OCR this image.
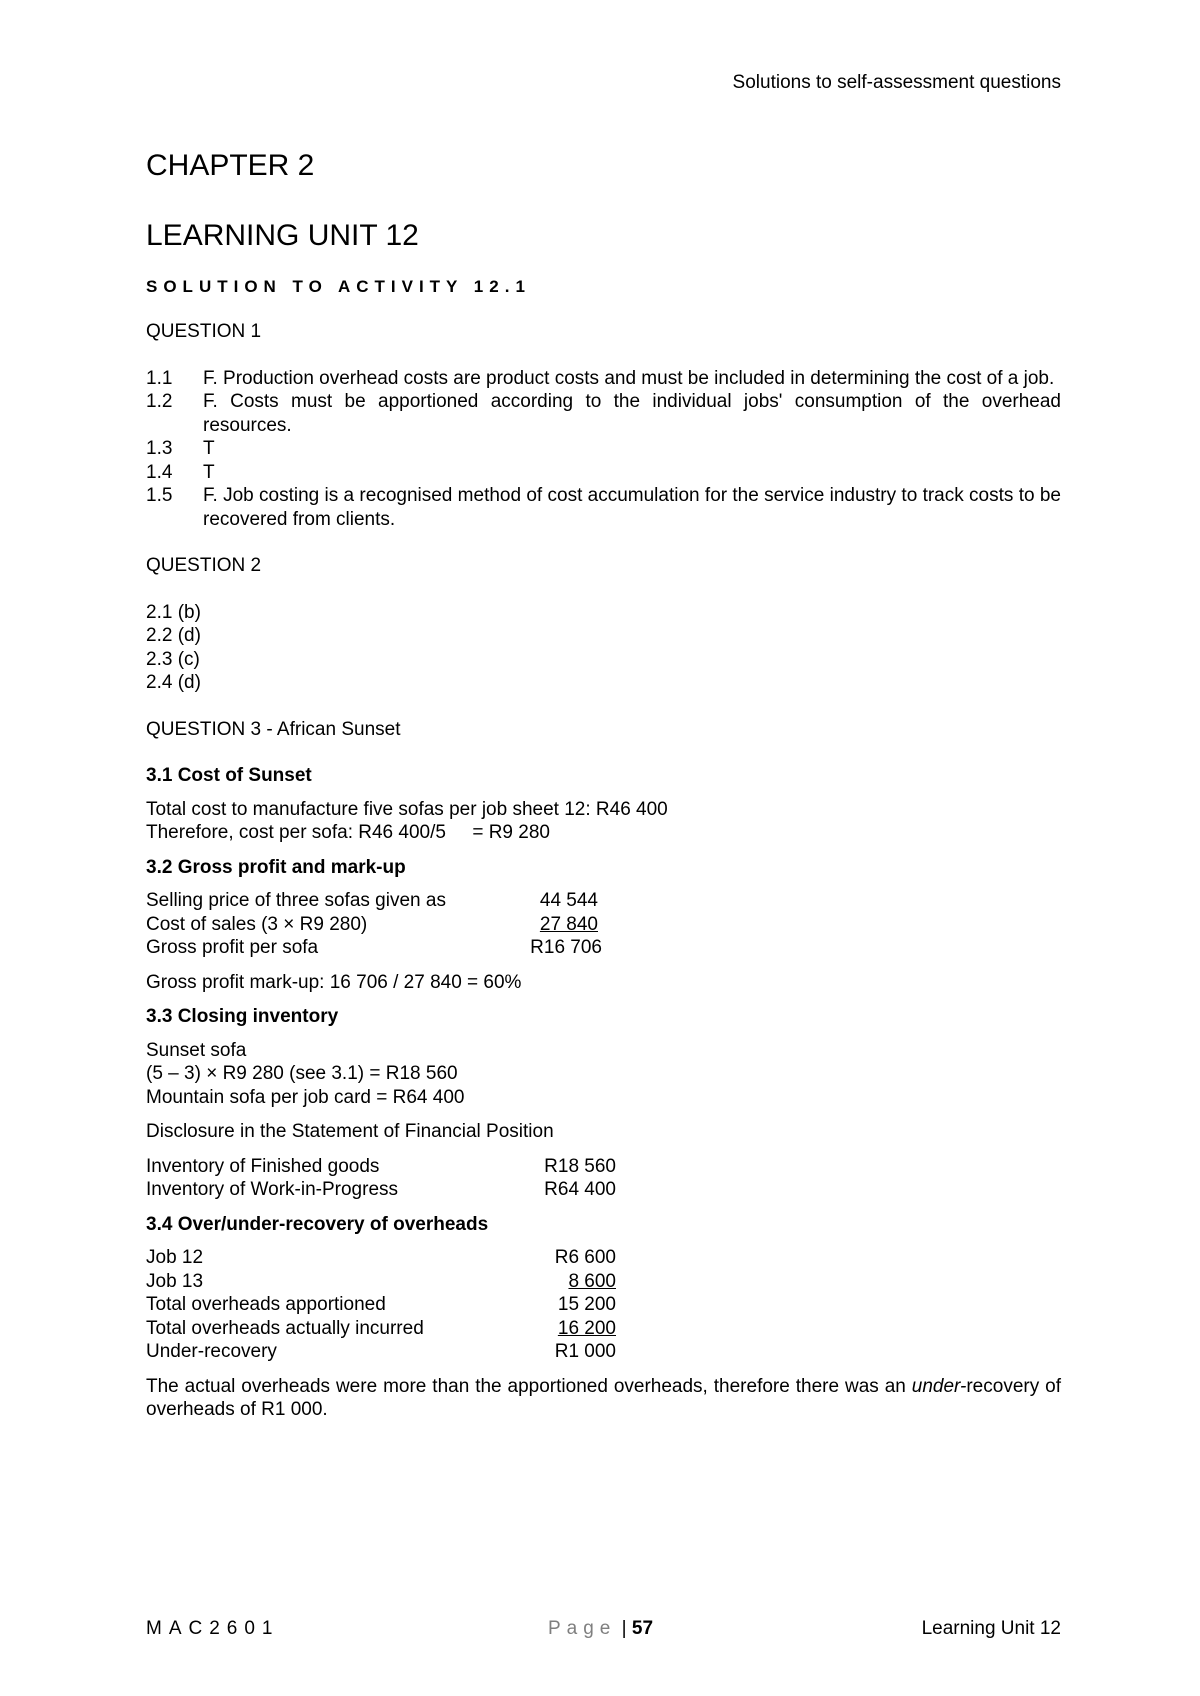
Solutions to self-assessment questions
CHAPTER 2
LEARNING UNIT 12
SOLUTION TO ACTIVITY 12.1
QUESTION 1
1.1	F. Production overhead costs are product costs and must be included in determining the cost of a job.
1.2	F. Costs must be apportioned according to the individual jobs' consumption of the overhead resources.
1.3	T
1.4	T
1.5	F. Job costing is a recognised method of cost accumulation for the service industry to track costs to be recovered from clients.
QUESTION 2
2.1 (b)
2.2 (d)
2.3 (c)
2.4 (d)
QUESTION 3 - African Sunset
3.1 Cost of Sunset
Total cost to manufacture five sofas per job sheet 12: R46 400
Therefore, cost per sofa: R46 400/5     = R9 280
3.2 Gross profit and mark-up
Selling price of three sofas given as	44 544
Cost of sales (3 × R9 280)	27 840
Gross profit per sofa	R16 706
Gross profit mark-up: 16 706 / 27 840 = 60%
3.3 Closing inventory
Sunset sofa
(5 – 3) × R9 280 (see 3.1) = R18 560
Mountain sofa per job card = R64 400
Disclosure in the Statement of Financial Position
Inventory of Finished goods	R18 560
Inventory of Work-in-Progress	R64 400
3.4 Over/under-recovery of overheads
Job 12	R6 600
Job 13	8 600
Total overheads apportioned	15 200
Total overheads actually incurred	16 200
Under-recovery	R1 000

The actual overheads were more than the apportioned overheads, therefore there was an under-recovery of overheads of R1 000.

MAC2601	Page | 57	Learning Unit 12
